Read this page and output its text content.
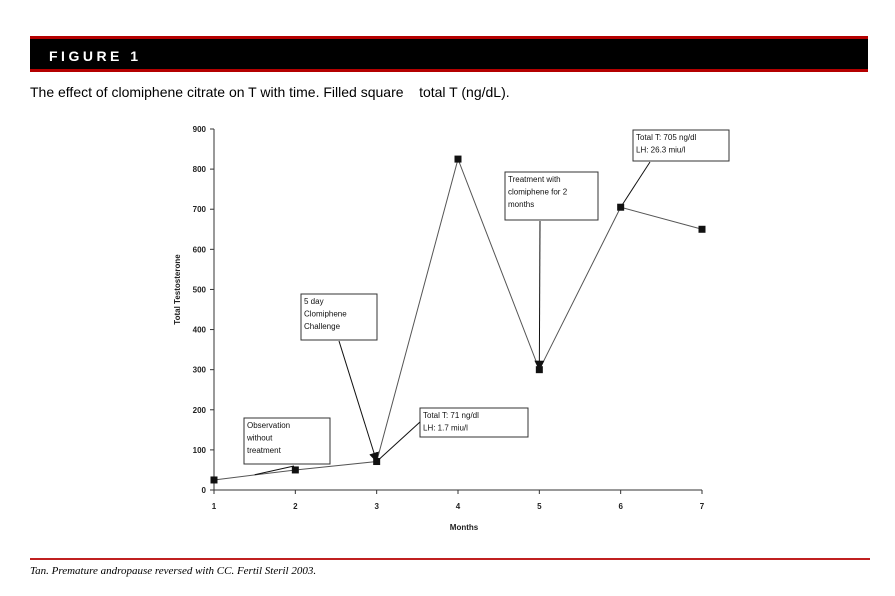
FIGURE 1
The effect of clomiphene citrate on T with time. Filled square    total T (ng/dL).
0
100
200
300
400
500
600
700
800
900
1	2	3	4	5	6	7
Months
Total Testosterone
Observation
without
treatment
5 day
Clomiphene
Challenge
Total T: 71 ng/dl
LH: 1.7 miu/l
Treatment with
clomiphene for 2
months
Total T: 705 ng/dl
LH: 26.3 miu/l
Tan. Premature andropause reversed with CC. Fertil Steril 2003.
